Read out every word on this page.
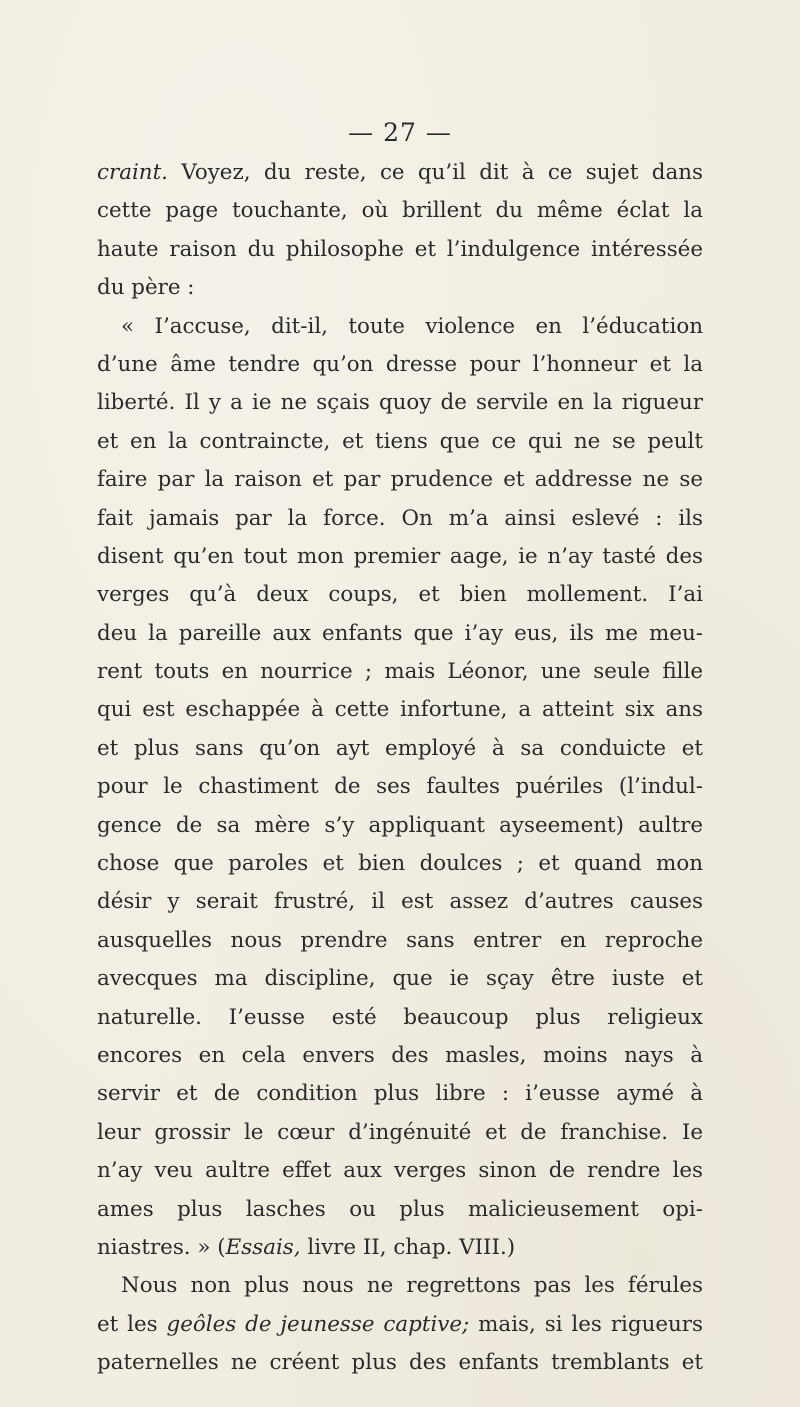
— 27 —
craint. Voyez, du reste, ce qu’il dit à ce sujet dans
cette page touchante, où brillent du même éclat la
haute raison du philosophe et l’indulgence intéressée
du père :
« I’accuse, dit-il, toute violence en l’éducation
d’une âme tendre qu’on dresse pour l’honneur et la
liberté. Il y a ie ne sçais quoy de servile en la rigueur
et en la contraincte, et tiens que ce qui ne se peult
faire par la raison et par prudence et addresse ne se
fait jamais par la force. On m’a ainsi eslevé : ils
disent qu’en tout mon premier aage, ie n’ay tasté des
verges qu’à deux coups, et bien mollement. I’ai
deu la pareille aux enfants que i’ay eus, ils me meu-
rent touts en nourrice ; mais Léonor, une seule fille
qui est eschappée à cette infortune, a atteint six ans
et plus sans qu’on ayt employé à sa conduicte et
pour le chastiment de ses faultes puériles (l’indul-
gence de sa mère s’y appliquant ayseement) aultre
chose que paroles et bien doulces ; et quand mon
désir y serait frustré, il est assez d’autres causes
ausquelles nous prendre sans entrer en reproche
avecques ma discipline, que ie sçay être iuste et
naturelle. I’eusse esté beaucoup plus religieux
encores en cela envers des masles, moins nays à
servir et de condition plus libre : i’eusse aymé à
leur grossir le cœur d’ingénuité et de franchise. Ie
n’ay veu aultre effet aux verges sinon de rendre les
ames plus lasches ou plus malicieusement opi-
niastres. » (Essais, livre II, chap. VIII.)
Nous non plus nous ne regrettons pas les férules
et les geôles de jeunesse captive; mais, si les rigueurs
paternelles ne créent plus des enfants tremblants et
